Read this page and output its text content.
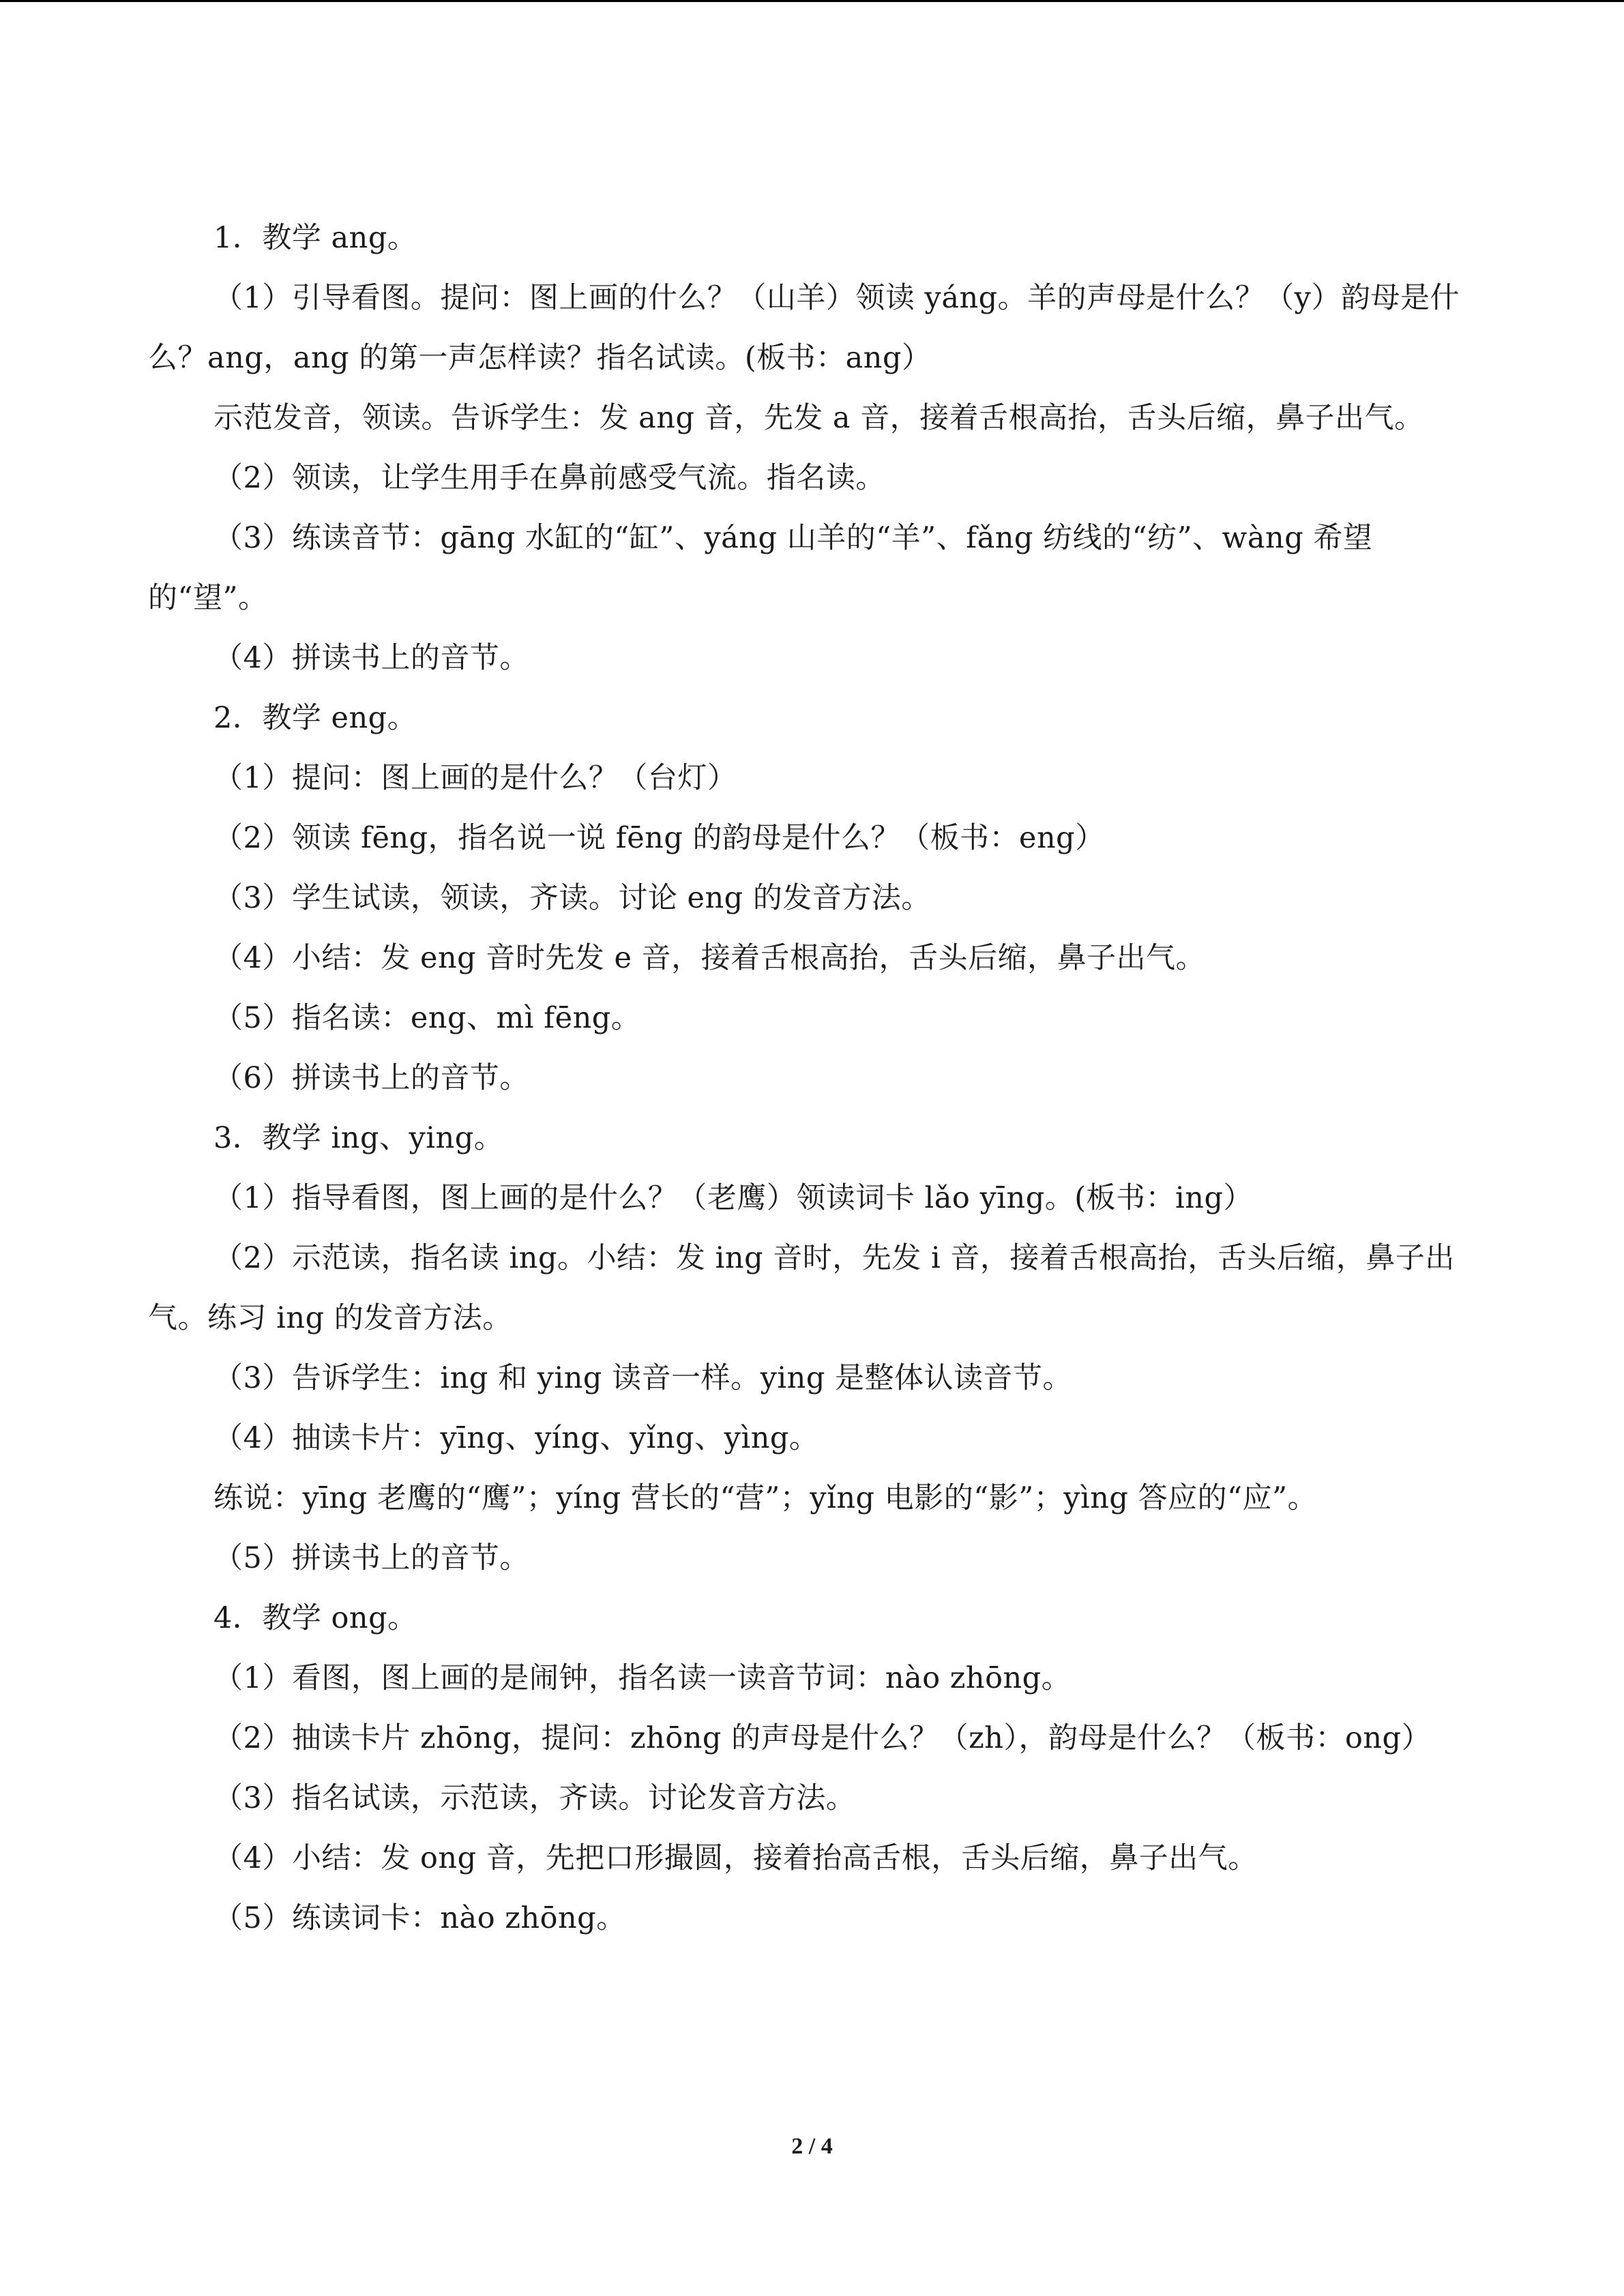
1．教学 ang。

（1）引导看图。提问：图上画的什么？（山羊）领读 yáng。羊的声母是什么？（y）韵母是什么？ang，ang 的第一声怎样读？指名试读。(板书：ang）

示范发音，领读。告诉学生：发 ang 音，先发 a 音，接着舌根高抬，舌头后缩，鼻子出气。

（2）领读，让学生用手在鼻前感受气流。指名读。

（3）练读音节：gāng 水缸的“缸”、yáng 山羊的“羊”、fǎng 纺线的“纺”、wàng 希望的“望”。

（4）拼读书上的音节。

2．教学 eng。

（1）提问：图上画的是什么？（台灯）

（2）领读 fēng，指名说一说 fēng 的韵母是什么？（板书：eng）

（3）学生试读，领读，齐读。讨论 eng 的发音方法。

（4）小结：发 eng 音时先发 e 音，接着舌根高抬，舌头后缩，鼻子出气。

（5）指名读：eng、mì fēng。

（6）拼读书上的音节。

3．教学 ing、ying。

（1）指导看图，图上画的是什么？（老鹰）领读词卡 lǎo yīng。(板书：ing）

（2）示范读，指名读 ing。小结：发 ing 音时，先发 i 音，接着舌根高抬，舌头后缩，鼻子出气。练习 ing 的发音方法。

（3）告诉学生：ing 和 ying 读音一样。ying 是整体认读音节。

（4）抽读卡片：yīng、yíng、yǐng、yìng。

练说：yīng 老鹰的“鹰”；yíng 营长的“营”；yǐng 电影的“影”；yìng 答应的“应”。

（5）拼读书上的音节。

4．教学 ong。

（1）看图，图上画的是闹钟，指名读一读音节词：nào zhōng。

（2）抽读卡片 zhōng，提问：zhōng 的声母是什么？（zh），韵母是什么？（板书：ong）

（3）指名试读，示范读，齐读。讨论发音方法。

（4）小结：发 ong 音，先把口形撮圆，接着抬高舌根，舌头后缩，鼻子出气。

（5）练读词卡：nào zhōng。

2 / 4
